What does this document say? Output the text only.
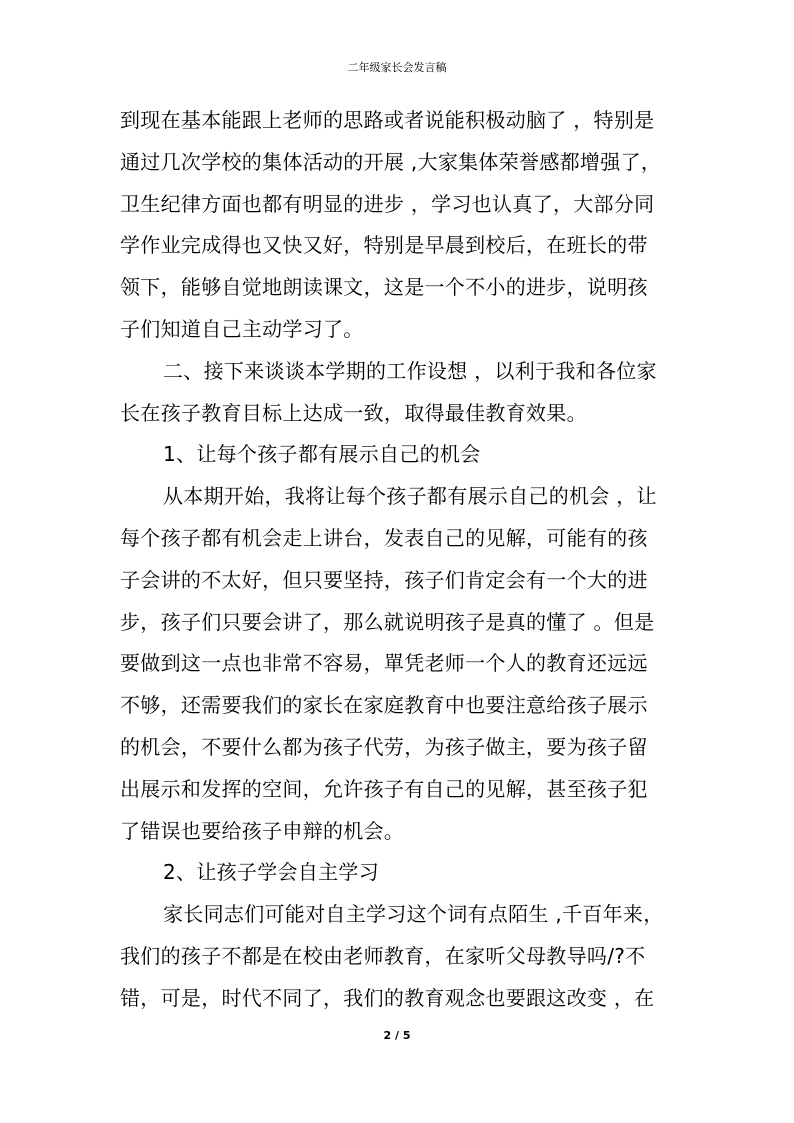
二年级家长会发言稿
到现在基本能跟上老师的思路或者说能积极动脑了 ，特别是
通过几次学校的集体活动的开展 ,大家集体荣誉感都增强了，
卫生纪律方面也都有明显的进步 ，学习也认真了，大部分同
学作业完成得也又快又好，特别是早晨到校后，在班长的带
领下，能够自觉地朗读课文，这是一个不小的进步，说明孩
子们知道自己主动学习了。
二、接下来谈谈本学期的工作设想 ，以利于我和各位家
长在孩子教育目标上达成一致，取得最佳教育效果。
1、让每个孩子都有展示自己的机会
从本期开始，我将让每个孩子都有展示自己的机会 ，让
每个孩子都有机会走上讲台，发表自己的见解，可能有的孩
子会讲的不太好，但只要坚持，孩子们肯定会有一个大的进
步，孩子们只要会讲了，那么就说明孩子是真的懂了 。但是
要做到这一点也非常不容易，單凭老师一个人的教育还远远
不够，还需要我们的家长在家庭教育中也要注意给孩子展示
的机会，不要什么都为孩子代劳，为孩子做主，要为孩子留
出展示和发挥的空间，允许孩子有自己的见解，甚至孩子犯
了错误也要给孩子申辩的机会。
2、让孩子学会自主学习
家长同志们可能对自主学习这个词有点陌生 ,千百年来，
我们的孩子不都是在校由老师教育，在家听父母教导吗/?不
错，可是，时代不同了，我们的教育观念也要跟这改变 ，在
2 / 5
